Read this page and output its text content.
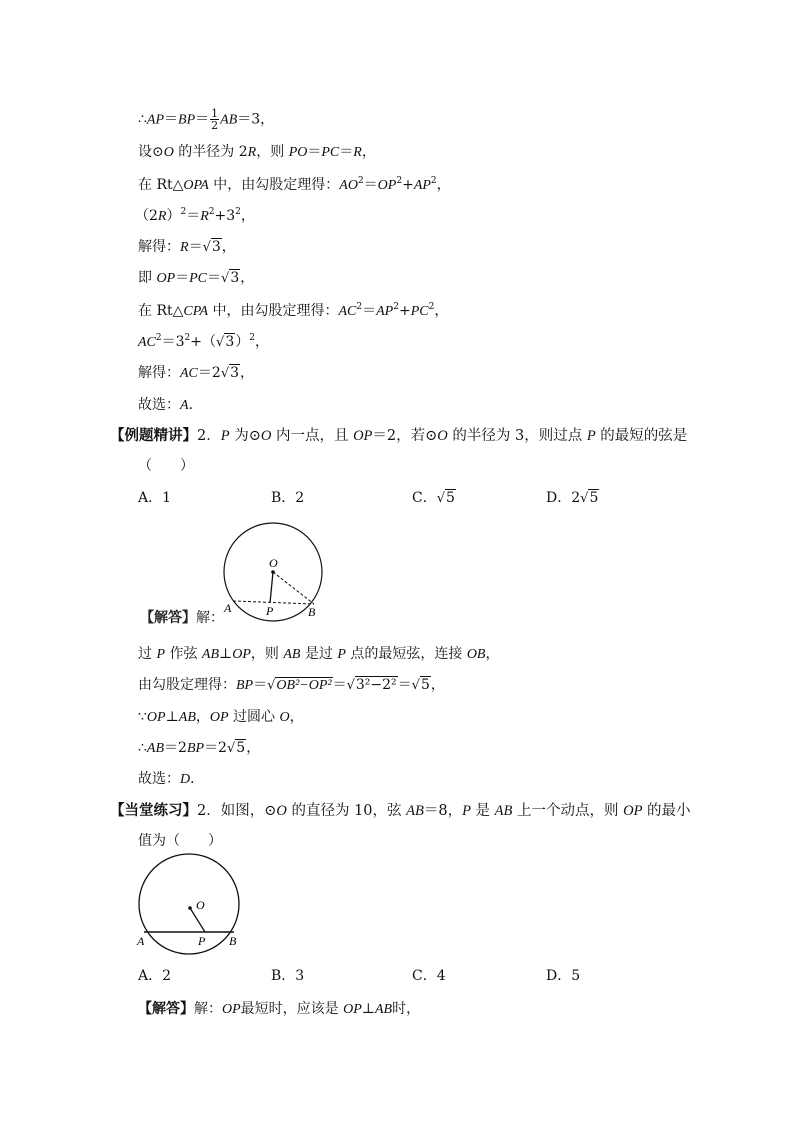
∴AP＝BP＝ $\frac{1}{2} AB=3$，
设⊙O 的半径为 2R，则 PO＝PC＝R，
在 Rt△OPA 中，由勾股定理得：$AO^2=OP^2+AP^2$，
$(2R)^2=R^2+3^2$，
解得：R＝√3，
即 OP＝PC＝√3，
在 Rt△CPA 中，由勾股定理得：$AC^2=AP^2+PC^2$，
$AC^2=3^2+(√3)^2$，
解得：AC＝2√3，
故选：A．
【例题精讲】2．P 为⊙O 内一点，且 OP＝2，若⊙O 的半径为 3，则过点 P 的最短的弦是
（　　）
A．1	B．2	C．√5	D．2√5
O
A	P	B
【解答】解：
过 P 作弦 AB⊥OP，则 AB 是过 P 点的最短弦，连接 OB，
由勾股定理得：BP＝√OB²−OP²＝√3²−2²＝√5，
∵OP⊥AB，OP 过圆心 O，
∴AB＝2BP＝2√5，
故选：D．
【当堂练习】2．如图，⊙O 的直径为 10，弦 AB＝8，P 是 AB 上一个动点，则 OP 的最小
值为（　　）
O
A	P B
A．2	B．3	C．4	D．5
【解答】解：OP最短时，应该是 OP⊥AB时，
